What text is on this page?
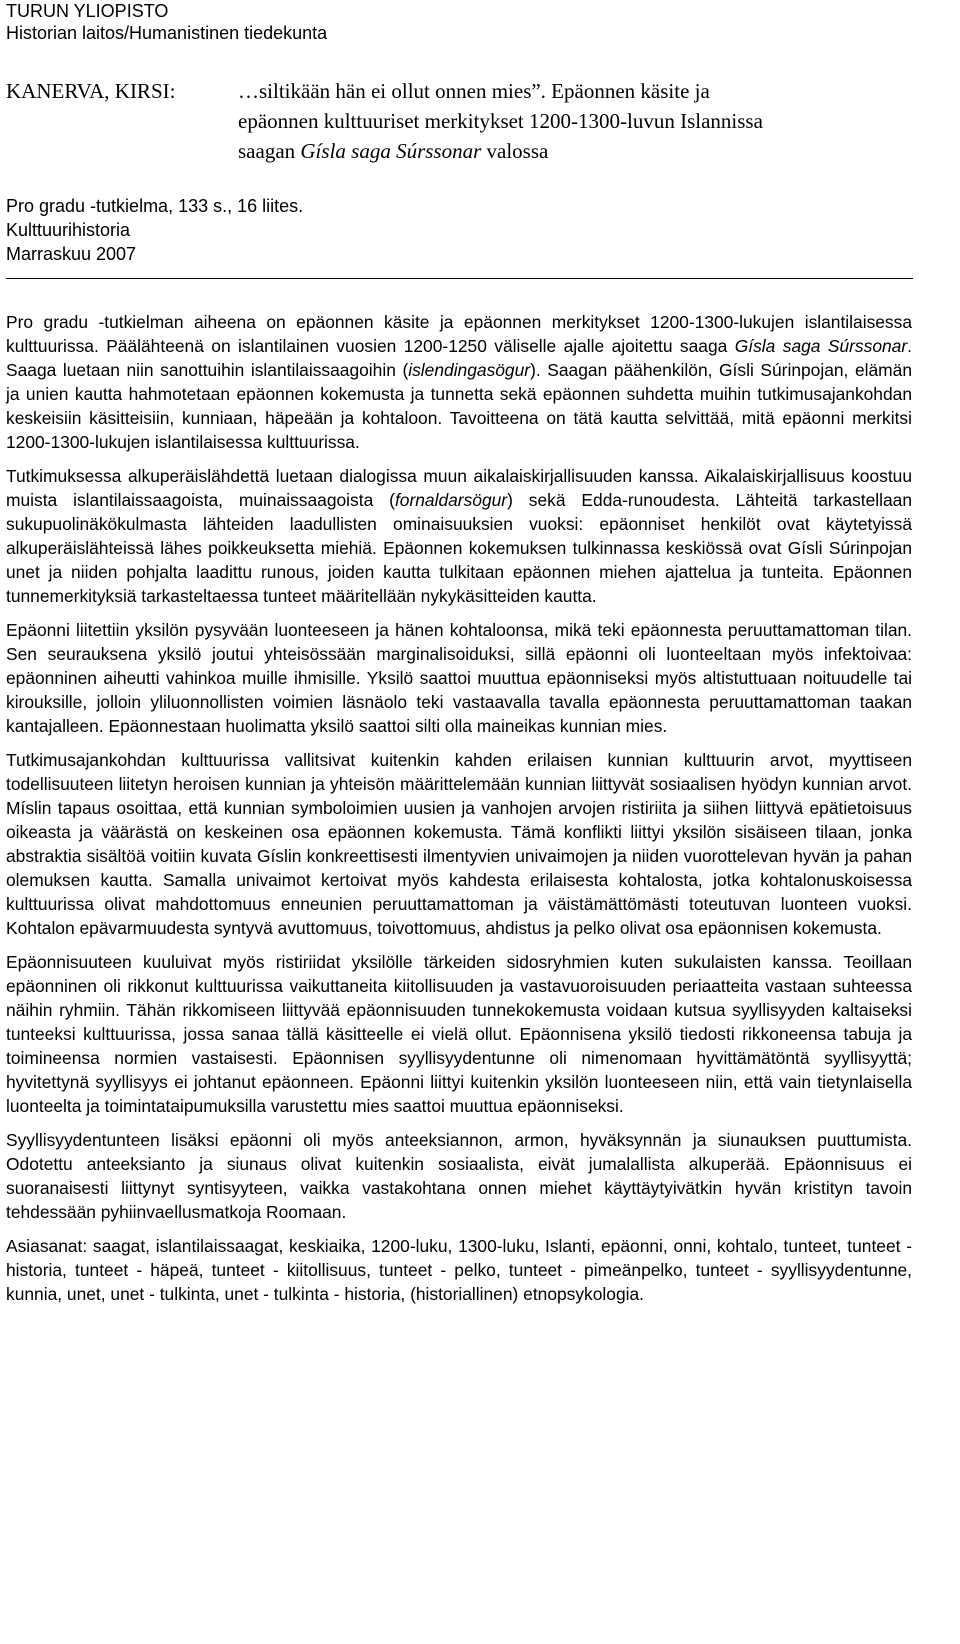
TURUN YLIOPISTO

Historian laitos/Humanistinen tiedekunta

KANERVA, KIRSI:	…siltikään hän ei ollut onnen mies”. Epäonnen käsite ja
epäonnen kulttuuriset merkitykset 1200-1300-luvun Islannissa
saagan Gísla saga Súrssonar valossa
Pro gradu -tutkielma, 133 s., 16 liites.
Kulttuurihistoria
Marraskuu 2007

Pro gradu -tutkielman aiheena on epäonnen käsite ja epäonnen merkitykset 1200-1300-lukujen islantilaisessa kulttuurissa. Päälähteenä on islantilainen vuosien 1200-1250 väliselle ajalle ajoitettu saaga Gísla saga Súrssonar. Saaga luetaan niin sanottuihin islantilaissaagoihin (islendingasögur). Saagan päähenkilön, Gísli Súrinpojan, elämän ja unien kautta hahmotetaan epäonnen kokemusta ja tunnetta sekä epäonnen suhdetta muihin tutkimusajankohdan keskeisiin käsitteisiin, kunniaan, häpeään ja kohtaloon. Tavoitteena on tätä kautta selvittää, mitä epäonni merkitsi 1200-1300-lukujen islantilaisessa kulttuurissa.

Tutkimuksessa alkuperäislähdettä luetaan dialogissa muun aikalaiskirjallisuuden kanssa. Aikalaiskirjallisuus koostuu muista islantilaissaagoista, muinaissaagoista (fornaldarsögur) sekä Edda-runoudesta. Lähteitä tarkastellaan sukupuolinäkökulmasta lähteiden laadullisten ominaisuuksien vuoksi: epäonniset henkilöt ovat käytetyissä alkuperäislähteissä lähes poikkeuksetta miehiä. Epäonnen kokemuksen tulkinnassa keskiössä ovat Gísli Súrinpojan unet ja niiden pohjalta laadittu runous, joiden kautta tulkitaan epäonnen miehen ajattelua ja tunteita. Epäonnen tunnemerkityksiä tarkasteltaessa tunteet määritellään nykykäsitteiden kautta.

Epäonni liitettiin yksilön pysyvään luonteeseen ja hänen kohtaloonsa, mikä teki epäonnesta peruuttamattoman tilan. Sen seurauksena yksilö joutui yhteisössään marginalisoiduksi, sillä epäonni oli luonteeltaan myös infektoivaa: epäonninen aiheutti vahinkoa muille ihmisille. Yksilö saattoi muuttua epäonniseksi myös altistuttuaan noituudelle tai kirouksille, jolloin yliluonnollisten voimien läsnäolo teki vastaavalla tavalla epäonnesta peruuttamattoman taakan kantajalleen. Epäonnestaan huolimatta yksilö saattoi silti olla maineikas kunnian mies.

Tutkimusajankohdan kulttuurissa vallitsivat kuitenkin kahden erilaisen kunnian kulttuurin arvot, myyttiseen todellisuuteen liitetyn heroisen kunnian ja yhteisön määrittelemään kunnian liittyvät sosiaalisen hyödyn kunnian arvot. Míslin tapaus osoittaa, että kunnian symboloimien uusien ja vanhojen arvojen ristiriita ja siihen liittyvä epätietoisuus oikeasta ja väärästä on keskeinen osa epäonnen kokemusta. Tämä konflikti liittyi yksilön sisäiseen tilaan, jonka abstraktia sisältöä voitiin kuvata Gíslin konkreettisesti ilmentyvien univaimojen ja niiden vuorottelevan hyvän ja pahan olemuksen kautta. Samalla univaimot kertoivat myös kahdesta erilaisesta kohtalosta, jotka kohtalonuskoisessa kulttuurissa olivat mahdottomuus enneunien peruuttamattoman ja väistämättömästi toteutuvan luonteen vuoksi. Kohtalon epävarmuudesta syntyvä avuttomuus, toivottomuus, ahdistus ja pelko olivat osa epäonnisen kokemusta.

Epäonnisuuteen kuuluivat myös ristiriidat yksilölle tärkeiden sidosryhmien kuten sukulaisten kanssa. Teoillaan epäonninen oli rikkonut kulttuurissa vaikuttaneita kiitollisuuden ja vastavuoroisuuden periaatteita vastaan suhteessa näihin ryhmiin. Tähän rikkomiseen liittyvää epäonnisuuden tunnekokemusta voidaan kutsua syyllisyyden kaltaiseksi tunteeksi kulttuurissa, jossa sanaa tällä käsitteelle ei vielä ollut. Epäonnisena yksilö tiedosti rikkoneensa tabuja ja toimineensa normien vastaisesti. Epäonnisen syyllisyydentunne oli nimenomaan hyvittämätöntä syyllisyyttä; hyvitettynä syyllisyys ei johtanut epäonneen. Epäonni liittyi kuitenkin yksilön luonteeseen niin, että vain tietynlaisella luonteelta ja toimintataipumuksilla varustettu mies saattoi muuttua epäonniseksi.

Syyllisyydentunteen lisäksi epäonni oli myös anteeksiannon, armon, hyväksynnän ja siunauksen puuttumista. Odotettu anteeksianto ja siunaus olivat kuitenkin sosiaalista, eivät jumalallista alkuperää. Epäonnisuus ei suoranaisesti liittynyt syntisyyteen, vaikka vastakohtana onnen miehet käyttäytyivätkin hyvän kristityn tavoin tehdessään pyhiinvaellusmatkoja Roomaan.

Asiasanat: saagat, islantilaissaagat, keskiaika, 1200-luku, 1300-luku, Islanti, epäonni, onni, kohtalo, tunteet, tunteet - historia, tunteet - häpeä, tunteet - kiitollisuus, tunteet - pelko, tunteet - pimeänpelko, tunteet - syyllisyydentunne, kunnia, unet, unet - tulkinta, unet - tulkinta - historia, (historiallinen) etnopsykologia.
